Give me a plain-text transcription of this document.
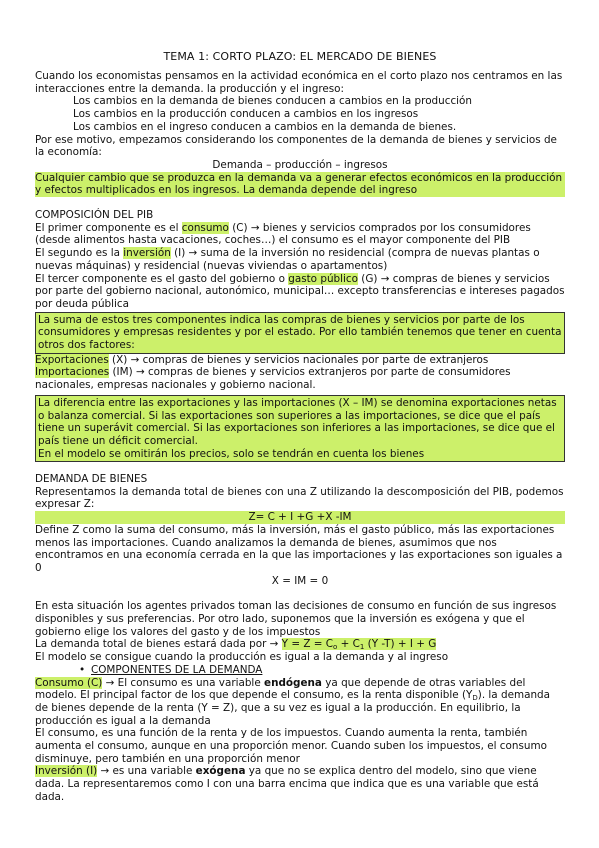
TEMA 1: CORTO PLAZO: EL MERCADO DE BIENES

Cuando los economistas pensamos en la actividad económica en el corto plazo nos centramos en las interacciones entre la demanda. la producción y el ingreso:

Los cambios en la demanda de bienes conducen a cambios en la producción

Los cambios en la producción conducen a cambios en los ingresos

Los cambios en el ingreso conducen a cambios en la demanda de bienes.

Por ese motivo, empezamos considerando los componentes de la demanda de bienes y servicios de la economía:

Demanda – producción – ingresos

Cualquier cambio que se produzca en la demanda va a generar efectos económicos en la producción y efectos multiplicados en los ingresos. La demanda depende del ingreso

COMPOSICIÓN DEL PIB

El primer componente es el consumo (C) → bienes y servicios comprados por los consumidores (desde alimentos hasta vacaciones, coches…) el consumo es el mayor componente del PIB

El segundo es la inversión (I) → suma de la inversión no residencial (compra de nuevas plantas o nuevas máquinas) y residencial (nuevas viviendas o apartamentos)

El tercer componente es el gasto del gobierno o gasto público (G) → compras de bienes y servicios por parte del gobierno nacional, autonómico, municipal… excepto transferencias e intereses pagados por deuda pública

La suma de estos tres componentes indica las compras de bienes y servicios por parte de los consumidores y empresas residentes y por el estado. Por ello también tenemos que tener en cuenta otros dos factores:

Exportaciones (X) → compras de bienes y servicios nacionales por parte de extranjeros

Importaciones (IM) → compras de bienes y servicios extranjeros por parte de consumidores nacionales, empresas nacionales y gobierno nacional.

La diferencia entre las exportaciones y las importaciones (X – IM) se denomina exportaciones netas o balanza comercial. Si las exportaciones son superiores a las importaciones, se dice que el país tiene un superávit comercial. Si las exportaciones son inferiores a las importaciones, se dice que el país tiene un déficit comercial.

En el modelo se omitirán los precios, solo se tendrán en cuenta los bienes

DEMANDA DE BIENES

Representamos la demanda total de bienes con una Z utilizando la descomposición del PIB, podemos expresar Z:

Z= C + I +G +X -IM

Define Z como la suma del consumo, más la inversión, más el gasto público, más las exportaciones menos las importaciones. Cuando analizamos la demanda de bienes, asumimos que nos encontramos en una economía cerrada en la que las importaciones y las exportaciones son iguales a 0

X = IM = 0

En esta situación los agentes privados toman las decisiones de consumo en función de sus ingresos disponibles y sus preferencias. Por otro lado, suponemos que la inversión es exógena y que el gobierno elige los valores del gasto y de los impuestos

La demanda total de bienes estará dada por → $Y = Z = C_o + C_1$ (Y -T) + I + G

El modelo se consigue cuando la producción es igual a la demanda y al ingreso

• COMPONENTES DE LA DEMANDA

Consumo (C) → El consumo es una variable endógena ya que depende de otras variables del modelo. El principal factor de los que depende el consumo, es la renta disponible $(Y_D)$. la demanda de bienes depende de la renta (Y = Z), que a su vez es igual a la producción. En equilibrio, la producción es igual a la demanda

El consumo, es una función de la renta y de los impuestos. Cuando aumenta la renta, también aumenta el consumo, aunque en una proporción menor. Cuando suben los impuestos, el consumo disminuye, pero también en una proporción menor

Inversión (I) → es una variable exógena ya que no se explica dentro del modelo, sino que viene dada. La representaremos como I con una barra encima que indica que es una variable que está dada.
